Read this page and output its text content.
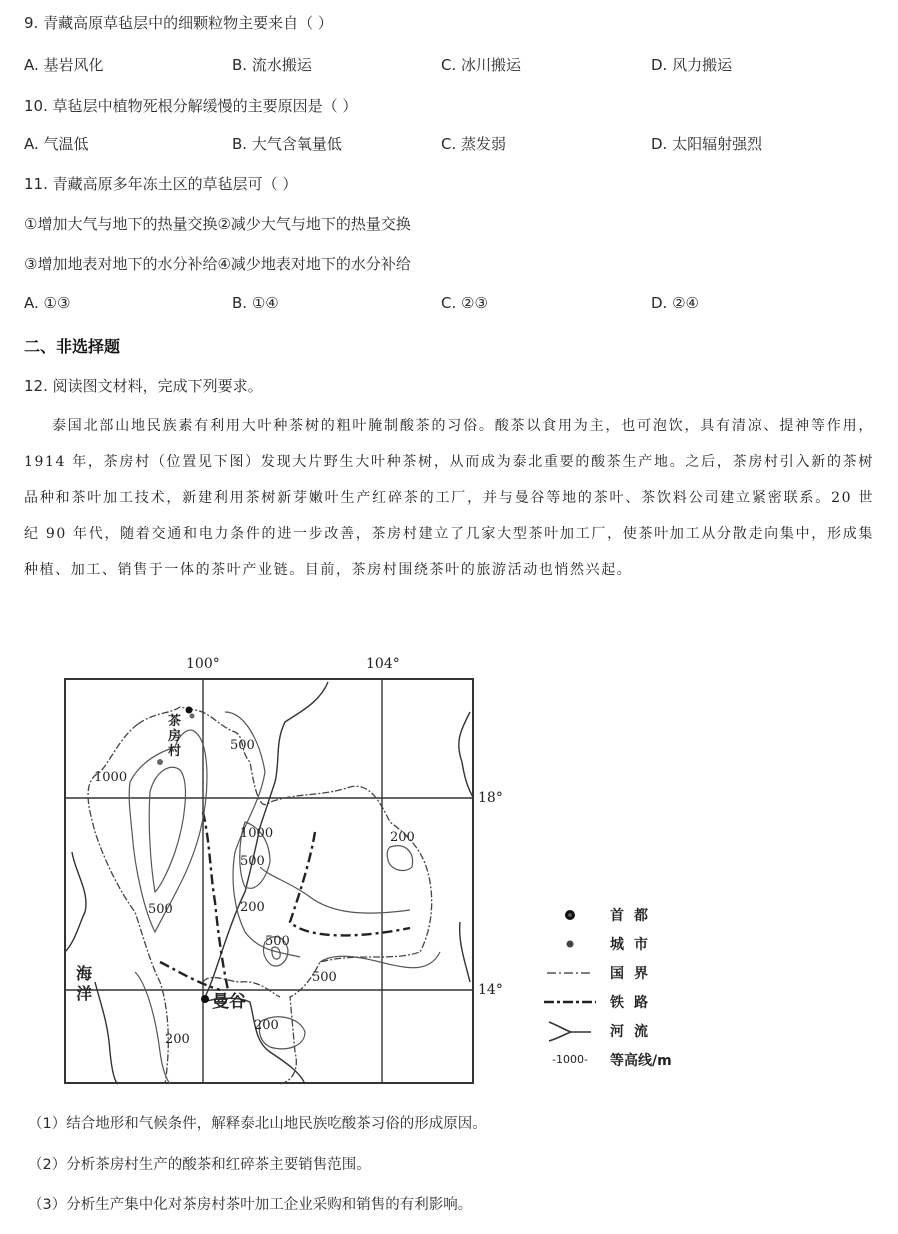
9. 青藏高原草毡层中的细颗粒物主要来自（ ）
A. 基岩风化	B. 流水搬运	C. 冰川搬运	D. 风力搬运
10. 草毡层中植物死根分解缓慢的主要原因是（ ）
A. 气温低	B. 大气含氧量低	C. 蒸发弱	D. 太阳辐射强烈
11. 青藏高原多年冻土区的草毡层可（ ）
①增加大气与地下的热量交换②减少大气与地下的热量交换
③增加地表对地下的水分补给④减少地表对地下的水分补给
A. ①③	B. ①④	C. ②③	D. ②④
二、非选择题
12. 阅读图文材料，完成下列要求。

泰国北部山地民族素有利用大叶种茶树的粗叶腌制酸茶的习俗。酸茶以食用为主，也可泡饮，具有清凉、提神等作用，1914 年，茶房村（位置见下图）发现大片野生大叶种茶树，从而成为泰北重要的酸茶生产地。之后，茶房村引入新的茶树品种和茶叶加工技术，新建利用茶树新芽嫩叶生产红碎茶的工厂，并与曼谷等地的茶叶、茶饮料公司建立紧密联系。20 世纪 90 年代，随着交通和电力条件的进一步改善，茶房村建立了几家大型茶叶加工厂，使茶叶加工从分散走向集中，形成集种植、加工、销售于一体的茶叶产业链。目前，茶房村围绕茶叶的旅游活动也悄然兴起。

100°	104°
18°
14°
茶房村
曼谷
海洋
1000
500
1000
500
200
500	200
500
500
200
200
首都
城市
国界
铁路
河流
-1000-	等高线/m
（1）结合地形和气候条件，解释泰北山地民族吃酸茶习俗的形成原因。
（2）分析茶房村生产的酸茶和红碎茶主要销售范围。
（3）分析生产集中化对茶房村茶叶加工企业采购和销售的有利影响。
